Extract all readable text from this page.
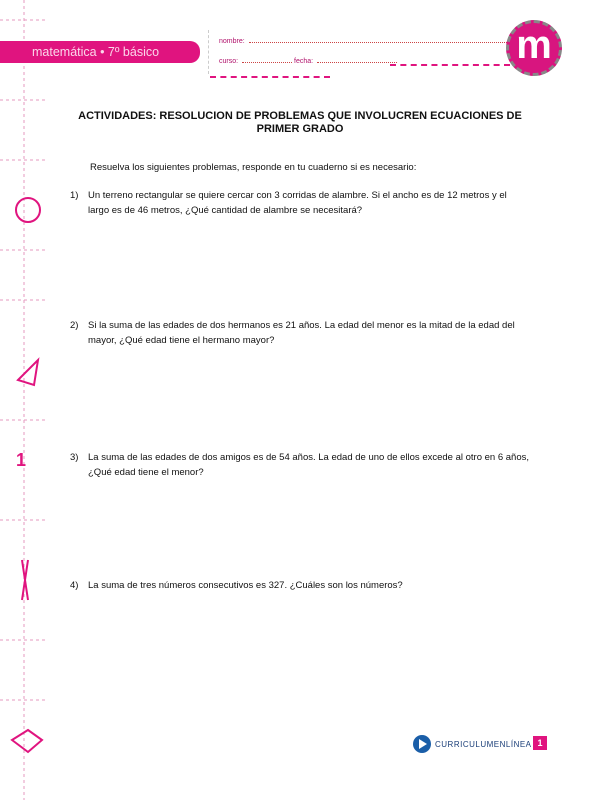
1
matemática • 7º básico
nombre:
curso:	fecha:	m
ACTIVIDADES: RESOLUCION DE PROBLEMAS QUE INVOLUCREN ECUACIONES DE PRIMER GRADO
Resuelva los siguientes problemas, responde en tu cuaderno si es necesario:
1) Un terreno rectangular se quiere cercar con 3 corridas de alambre. Si el ancho es de 12 metros y el largo es de 46 metros, ¿Qué cantidad de alambre se necesitará?
2) Si la suma de las edades de dos hermanos es 21 años. La edad del menor es la mitad de la edad del mayor, ¿Qué edad tiene el hermano mayor?
3) La suma de las edades de dos amigos es de 54 años. La edad de uno de ellos excede al otro en 6 años, ¿Qué edad tiene el menor?
4) La suma de tres números consecutivos es 327. ¿Cuáles son los números?
CURRICULUMENLÍNEA 1
